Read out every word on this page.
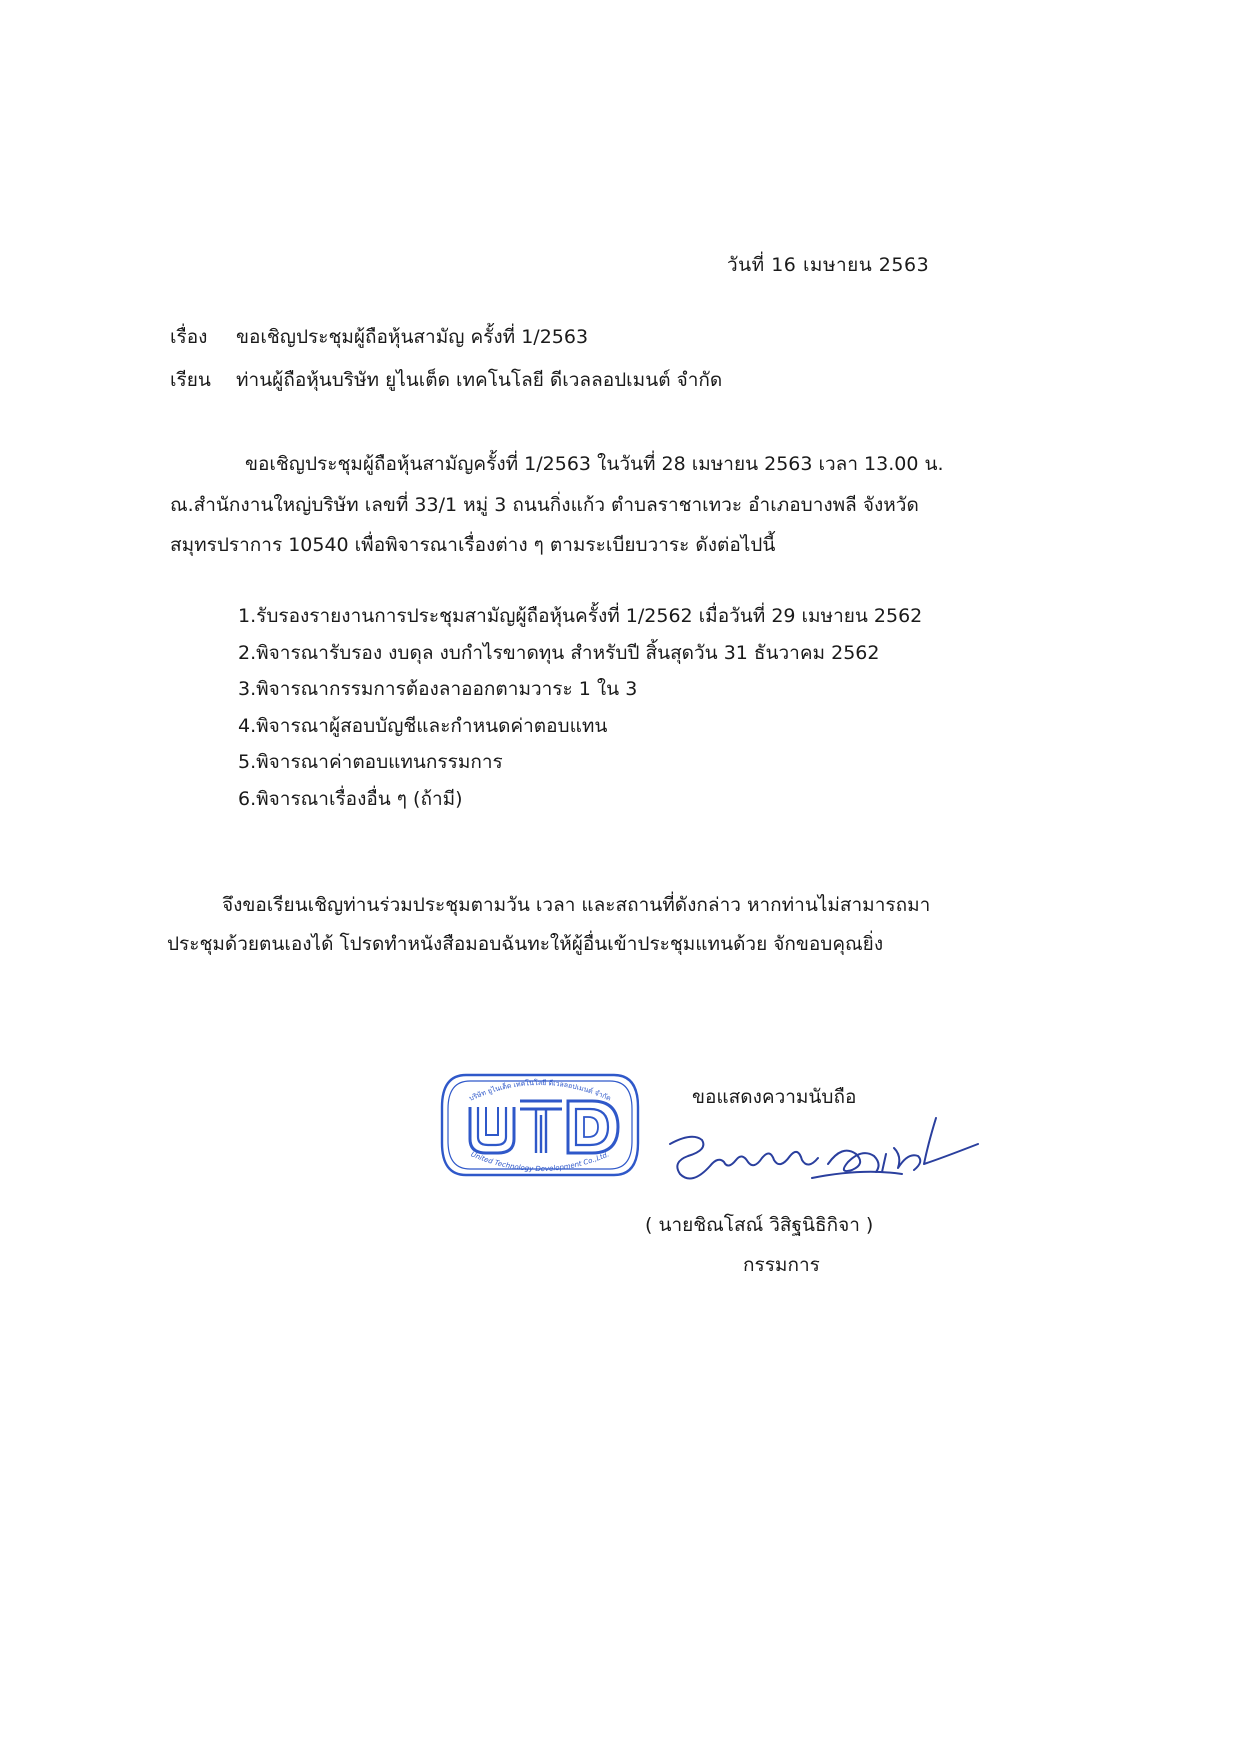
วันที่ 16 เมษายน 2563
เรื่อง ขอเชิญประชุมผู้ถือหุ้นสามัญ ครั้งที่ 1/2563
เรียน ท่านผู้ถือหุ้นบริษัท ยูไนเต็ด เทคโนโลยี ดีเวลลอปเมนต์ จำกัด
ขอเชิญประชุมผู้ถือหุ้นสามัญครั้งที่ 1/2563 ในวันที่ 28 เมษายน 2563 เวลา 13.00 น.
ณ.สำนักงานใหญ่บริษัท เลขที่ 33/1 หมู่ 3 ถนนกิ่งแก้ว ตำบลราชาเทวะ อำเภอบางพลี จังหวัด
สมุทรปราการ 10540 เพื่อพิจารณาเรื่องต่าง ๆ ตามระเบียบวาระ ดังต่อไปนี้
1.รับรองรายงานการประชุมสามัญผู้ถือหุ้นครั้งที่ 1/2562 เมื่อวันที่ 29 เมษายน 2562
2.พิจารณารับรอง งบดุล งบกำไรขาดทุน สำหรับปี สิ้นสุดวัน 31 ธันวาคม 2562
3.พิจารณากรรมการต้องลาออกตามวาระ 1 ใน 3
4.พิจารณาผู้สอบบัญชีและกำหนดค่าตอบแทน
5.พิจารณาค่าตอบแทนกรรมการ
6.พิจารณาเรื่องอื่น ๆ (ถ้ามี)
จึงขอเรียนเชิญท่านร่วมประชุมตามวัน เวลา และสถานที่ดังกล่าว หากท่านไม่สามารถมา
ประชุมด้วยตนเองได้ โปรดทำหนังสือมอบฉันทะให้ผู้อื่นเข้าประชุมแทนด้วย จักขอบคุณยิ่ง
บริษัท ยูไนเต็ด เทคโนโลยี ดีเวลลอปเมนต์ จำกัด
United Technology Development Co.,Ltd.
ขอแสดงความนับถือ
( นายชิณโสณ์ วิสิฐนิธิกิจา )
กรรมการ
